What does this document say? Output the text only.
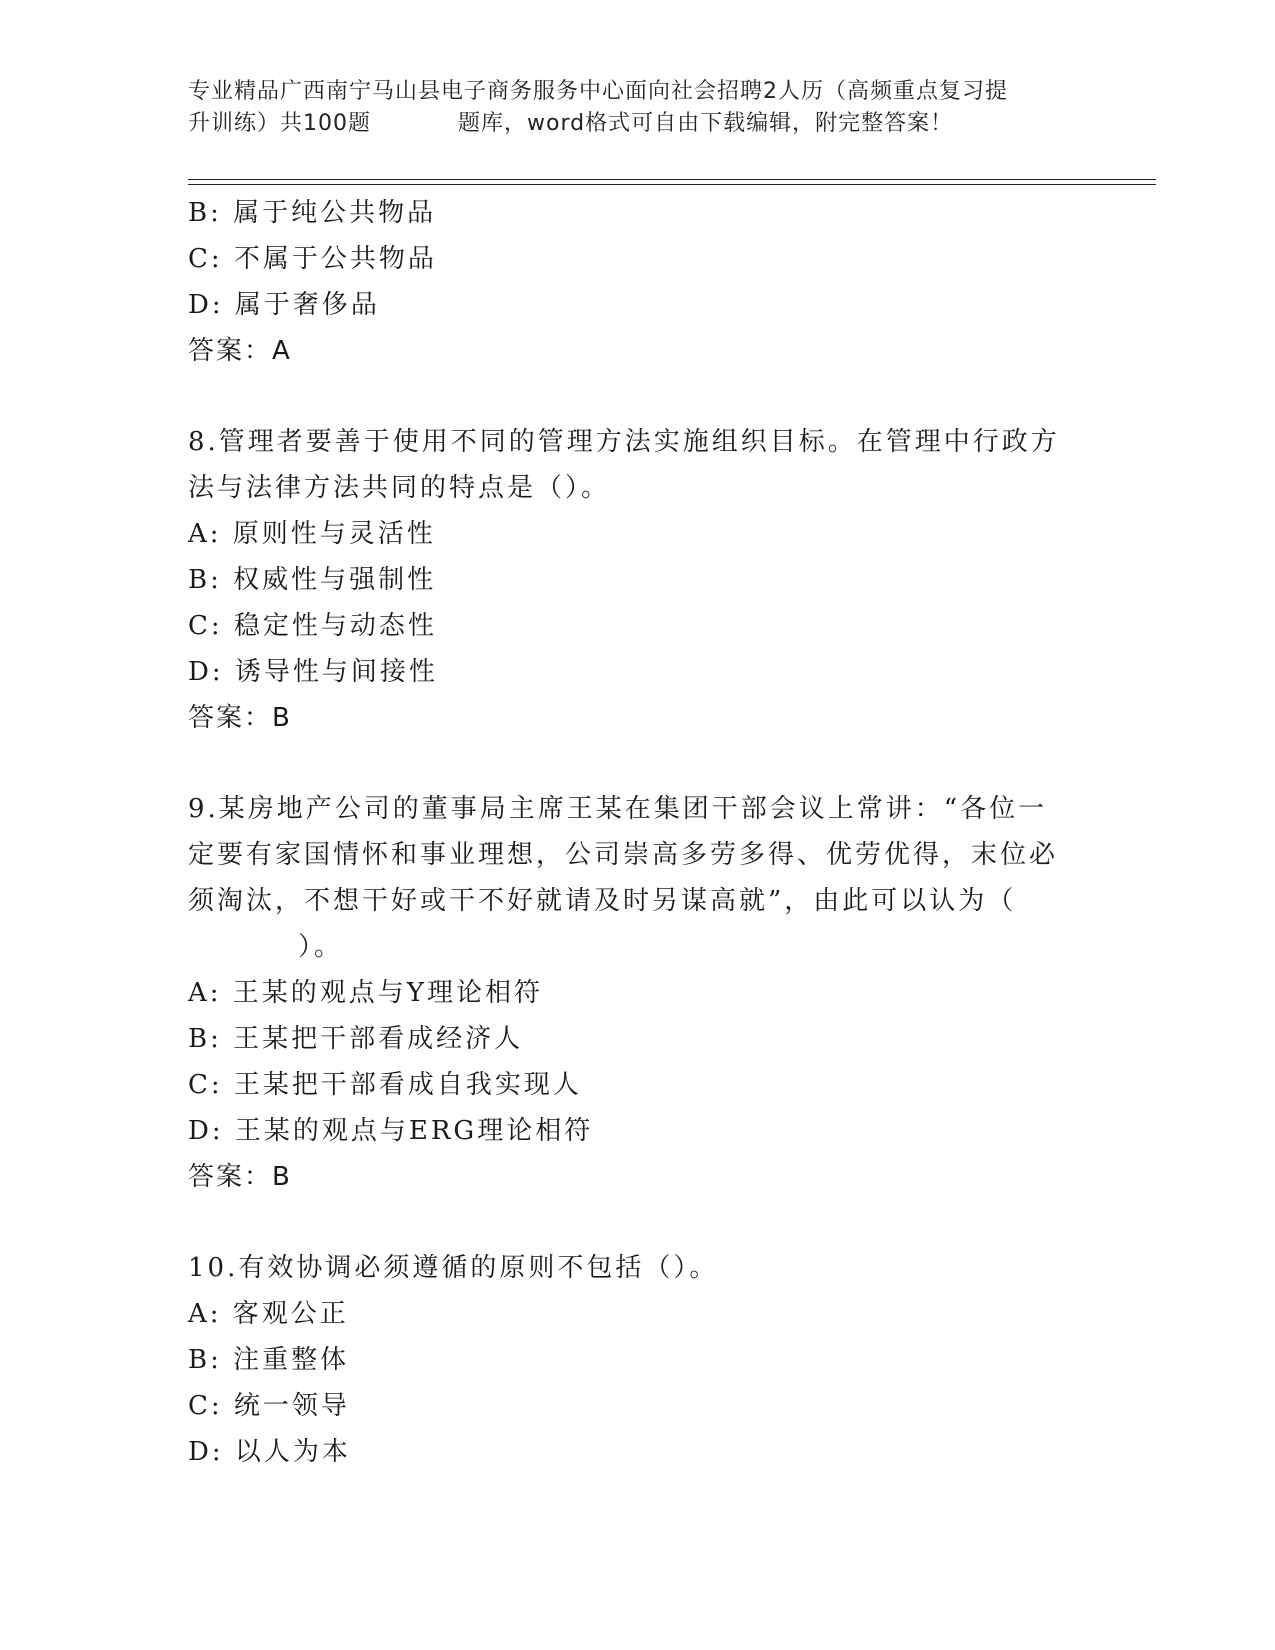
专业精品广西南宁马山县电子商务服务中心面向社会招聘2人历（高频重点复习提
升训练）共100题	题库，word格式可自由下载编辑，附完整答案！
B: 属于纯公共物品
C: 不属于公共物品
D: 属于奢侈品
答案：A
8.管理者要善于使用不同的管理方法实施组织目标。在管理中行政方
法与法律方法共同的特点是（）。
A: 原则性与灵活性
B: 权威性与强制性
C: 稳定性与动态性
D: 诱导性与间接性
答案：B
9.某房地产公司的董事局主席王某在集团干部会议上常讲：“各位一
定要有家国情怀和事业理想，公司崇高多劳多得、优劳优得，末位必
须淘汰，不想干好或干不好就请及时另谋高就”，由此可以认为（
）。
A: 王某的观点与Y理论相符
B: 王某把干部看成经济人
C: 王某把干部看成自我实现人
D: 王某的观点与ERG理论相符
答案：B
10.有效协调必须遵循的原则不包括（）。
A: 客观公正
B: 注重整体
C: 统一领导
D: 以人为本
